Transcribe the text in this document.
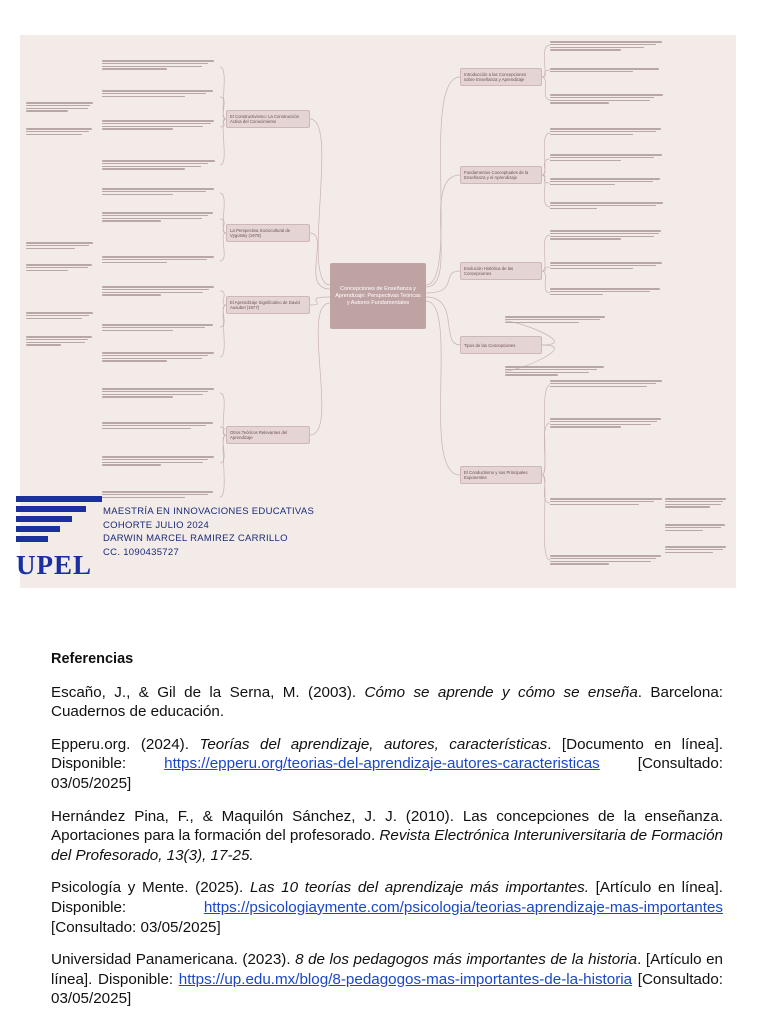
Concepciones de Enseñanza y Aprendizaje: Perspectivas Teóricas y Autores Fundamentales
Introducción a las Concepciones sobre Enseñanza y Aprendizaje
Fundamentos Conceptuales de la Enseñanza y el Aprendizaje
Evolución Histórica de las Concepciones
Tipos de las Concepciones
El Conductismo y sus Principales Exponentes
El Constructivismo: La Construcción Activa del Conocimiento
La Perspectiva Sociocultural de Vygotsky (1978)
El Aprendizaje Significativo de David Ausubel (1977)
Otros Teóricos Relevantes del Aprendizaje
UPEL
MAESTRÍA EN INNOVACIONES EDUCATIVAS
COHORTE JULIO 2024
DARWIN MARCEL RAMIREZ CARRILLO
CC. 1090435727
Referencias

Escaño, J., & Gil de la Serna, M. (2003). Cómo se aprende y cómo se enseña. Barcelona: Cuadernos de educación.

Epperu.org. (2024). Teorías del aprendizaje, autores, características. [Documento en línea]. Disponible: https://epperu.org/teorias-del-aprendizaje-autores-caracteristicas [Consultado: 03/05/2025]

Hernández Pina, F., & Maquilón Sánchez, J. J. (2010). Las concepciones de la enseñanza. Aportaciones para la formación del profesorado. Revista Electrónica Interuniversitaria de Formación del Profesorado, 13(3), 17-25.

Psicología y Mente. (2025). Las 10 teorías del aprendizaje más importantes. [Artículo en línea]. Disponible: https://psicologiaymente.com/psicologia/teorias-aprendizaje-mas-importantes [Consultado: 03/05/2025]

Universidad Panamericana. (2023). 8 de los pedagogos más importantes de la historia. [Artículo en línea]. Disponible: https://up.edu.mx/blog/8-pedagogos-mas-importantes-de-la-historia [Consultado: 03/05/2025]
